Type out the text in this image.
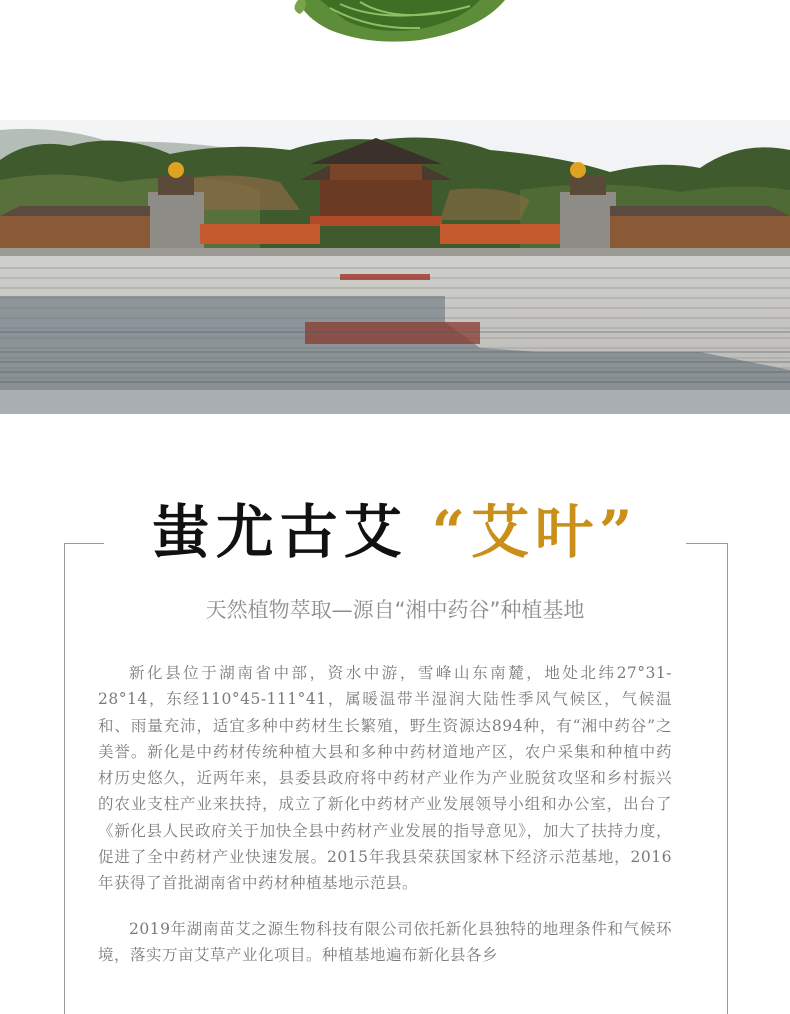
蚩尤古艾 “艾叶”
天然植物萃取—源自“湘中药谷”种植基地

新化县位于湖南省中部，资水中游，雪峰山东南麓，地处北纬27°31-28°14，东经110°45-111°41，属暖温带半湿润大陆性季风气候区，气候温和、雨量充沛，适宜多种中药材生长繁殖，野生资源达894种，有“湘中药谷”之美誉。新化是中药材传统种植大县和多种中药材道地产区，农户采集和种植中药材历史悠久，近两年来，县委县政府将中药材产业作为产业脱贫攻坚和乡村振兴的农业支柱产业来扶持，成立了新化中药材产业发展领导小组和办公室，出台了《新化县人民政府关于加快全县中药材产业发展的指导意见》，加大了扶持力度，促进了全中药材产业快速发展。2015年我县荣获国家林下经济示范基地，2016年获得了首批湖南省中药材种植基地示范县。

2019年湖南苗艾之源生物科技有限公司依托新化县独特的地理条件和气候环境，落实万亩艾草产业化项目。种植基地遍布新化县各乡
